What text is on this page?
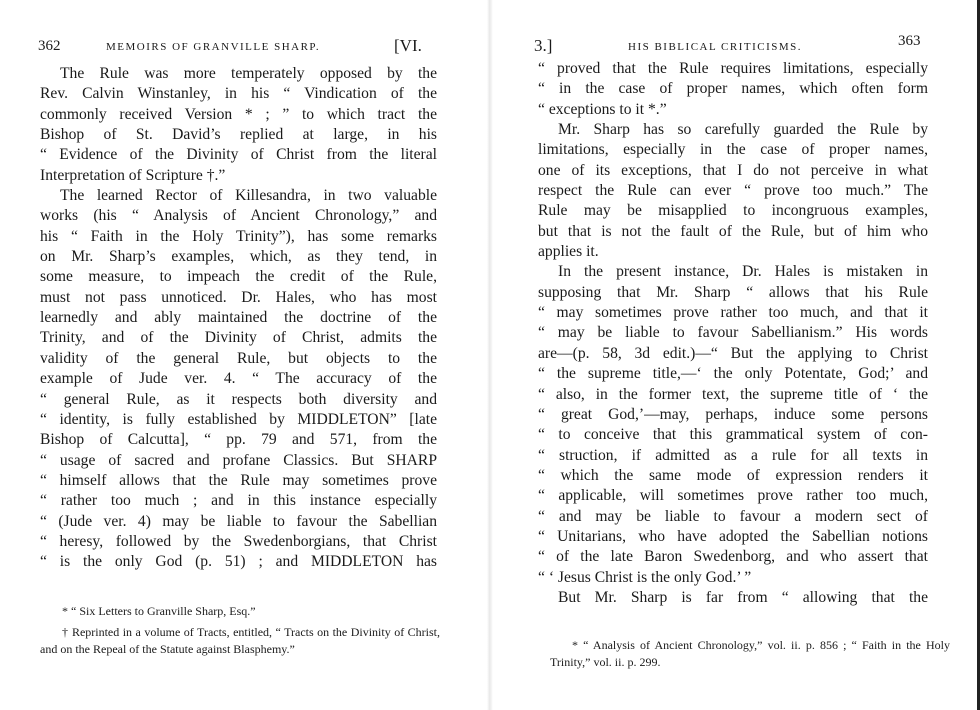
362	MEMOIRS OF GRANVILLE SHARP.	[VI.

The Rule was more temperately opposed by the

Rev. Calvin Winstanley, in his “ Vindication of the

commonly received Version * ; ” to which tract the

Bishop of St. David’s replied at large, in his

“ Evidence of the Divinity of Christ from the literal

Interpretation of Scripture †.”

The learned Rector of Killesandra, in two valuable

works (his “ Analysis of Ancient Chronology,” and

his “ Faith in the Holy Trinity”), has some remarks

on Mr. Sharp’s examples, which, as they tend, in

some measure, to impeach the credit of the Rule,

must not pass unnoticed. Dr. Hales, who has most

learnedly and ably maintained the doctrine of the

Trinity, and of the Divinity of Christ, admits the

validity of the general Rule, but objects to the

example of Jude ver. 4. “ The accuracy of the

“ general Rule, as it respects both diversity and

“ identity, is fully established by MIDDLETON” [late

Bishop of Calcutta], “ pp. 79 and 571, from the

“ usage of sacred and profane Classics. But SHARP

“ himself allows that the Rule may sometimes prove

“ rather too much ; and in this instance especially

“ (Jude ver. 4) may be liable to favour the Sabellian

“ heresy, followed by the Swedenborgians, that Christ

“ is the only God (p. 51) ; and MIDDLETON has

* “ Six Letters to Granville Sharp, Esq.”

† Reprinted in a volume of Tracts, entitled, “ Tracts on the Divinity of Christ, and on the Repeal of the Statute against Blasphemy.”

3.]	HIS BIBLICAL CRITICISMS.	363

“ proved that the Rule requires limitations, especially

“ in the case of proper names, which often form

“ exceptions to it *.”

Mr. Sharp has so carefully guarded the Rule by

limitations, especially in the case of proper names,

one of its exceptions, that I do not perceive in what

respect the Rule can ever “ prove too much.” The

Rule may be misapplied to incongruous examples,

but that is not the fault of the Rule, but of him who

applies it.

In the present instance, Dr. Hales is mistaken in

supposing that Mr. Sharp “ allows that his Rule

“ may sometimes prove rather too much, and that it

“ may be liable to favour Sabellianism.” His words

are—(p. 58, 3d edit.)—“ But the applying to Christ

“ the supreme title,—‘ the only Potentate, God;’ and

“ also, in the former text, the supreme title of ‘ the

“ great God,’—may, perhaps, induce some persons

“ to conceive that this grammatical system of con-

“ struction, if admitted as a rule for all texts in

“ which the same mode of expression renders it

“ applicable, will sometimes prove rather too much,

“ and may be liable to favour a modern sect of

“ Unitarians, who have adopted the Sabellian notions

“ of the late Baron Swedenborg, and who assert that

“ ‘ Jesus Christ is the only God.’ ”

But Mr. Sharp is far from “ allowing that the

* “ Analysis of Ancient Chronology,” vol. ii. p. 856 ; “ Faith in the Holy Trinity,” vol. ii. p. 299.
